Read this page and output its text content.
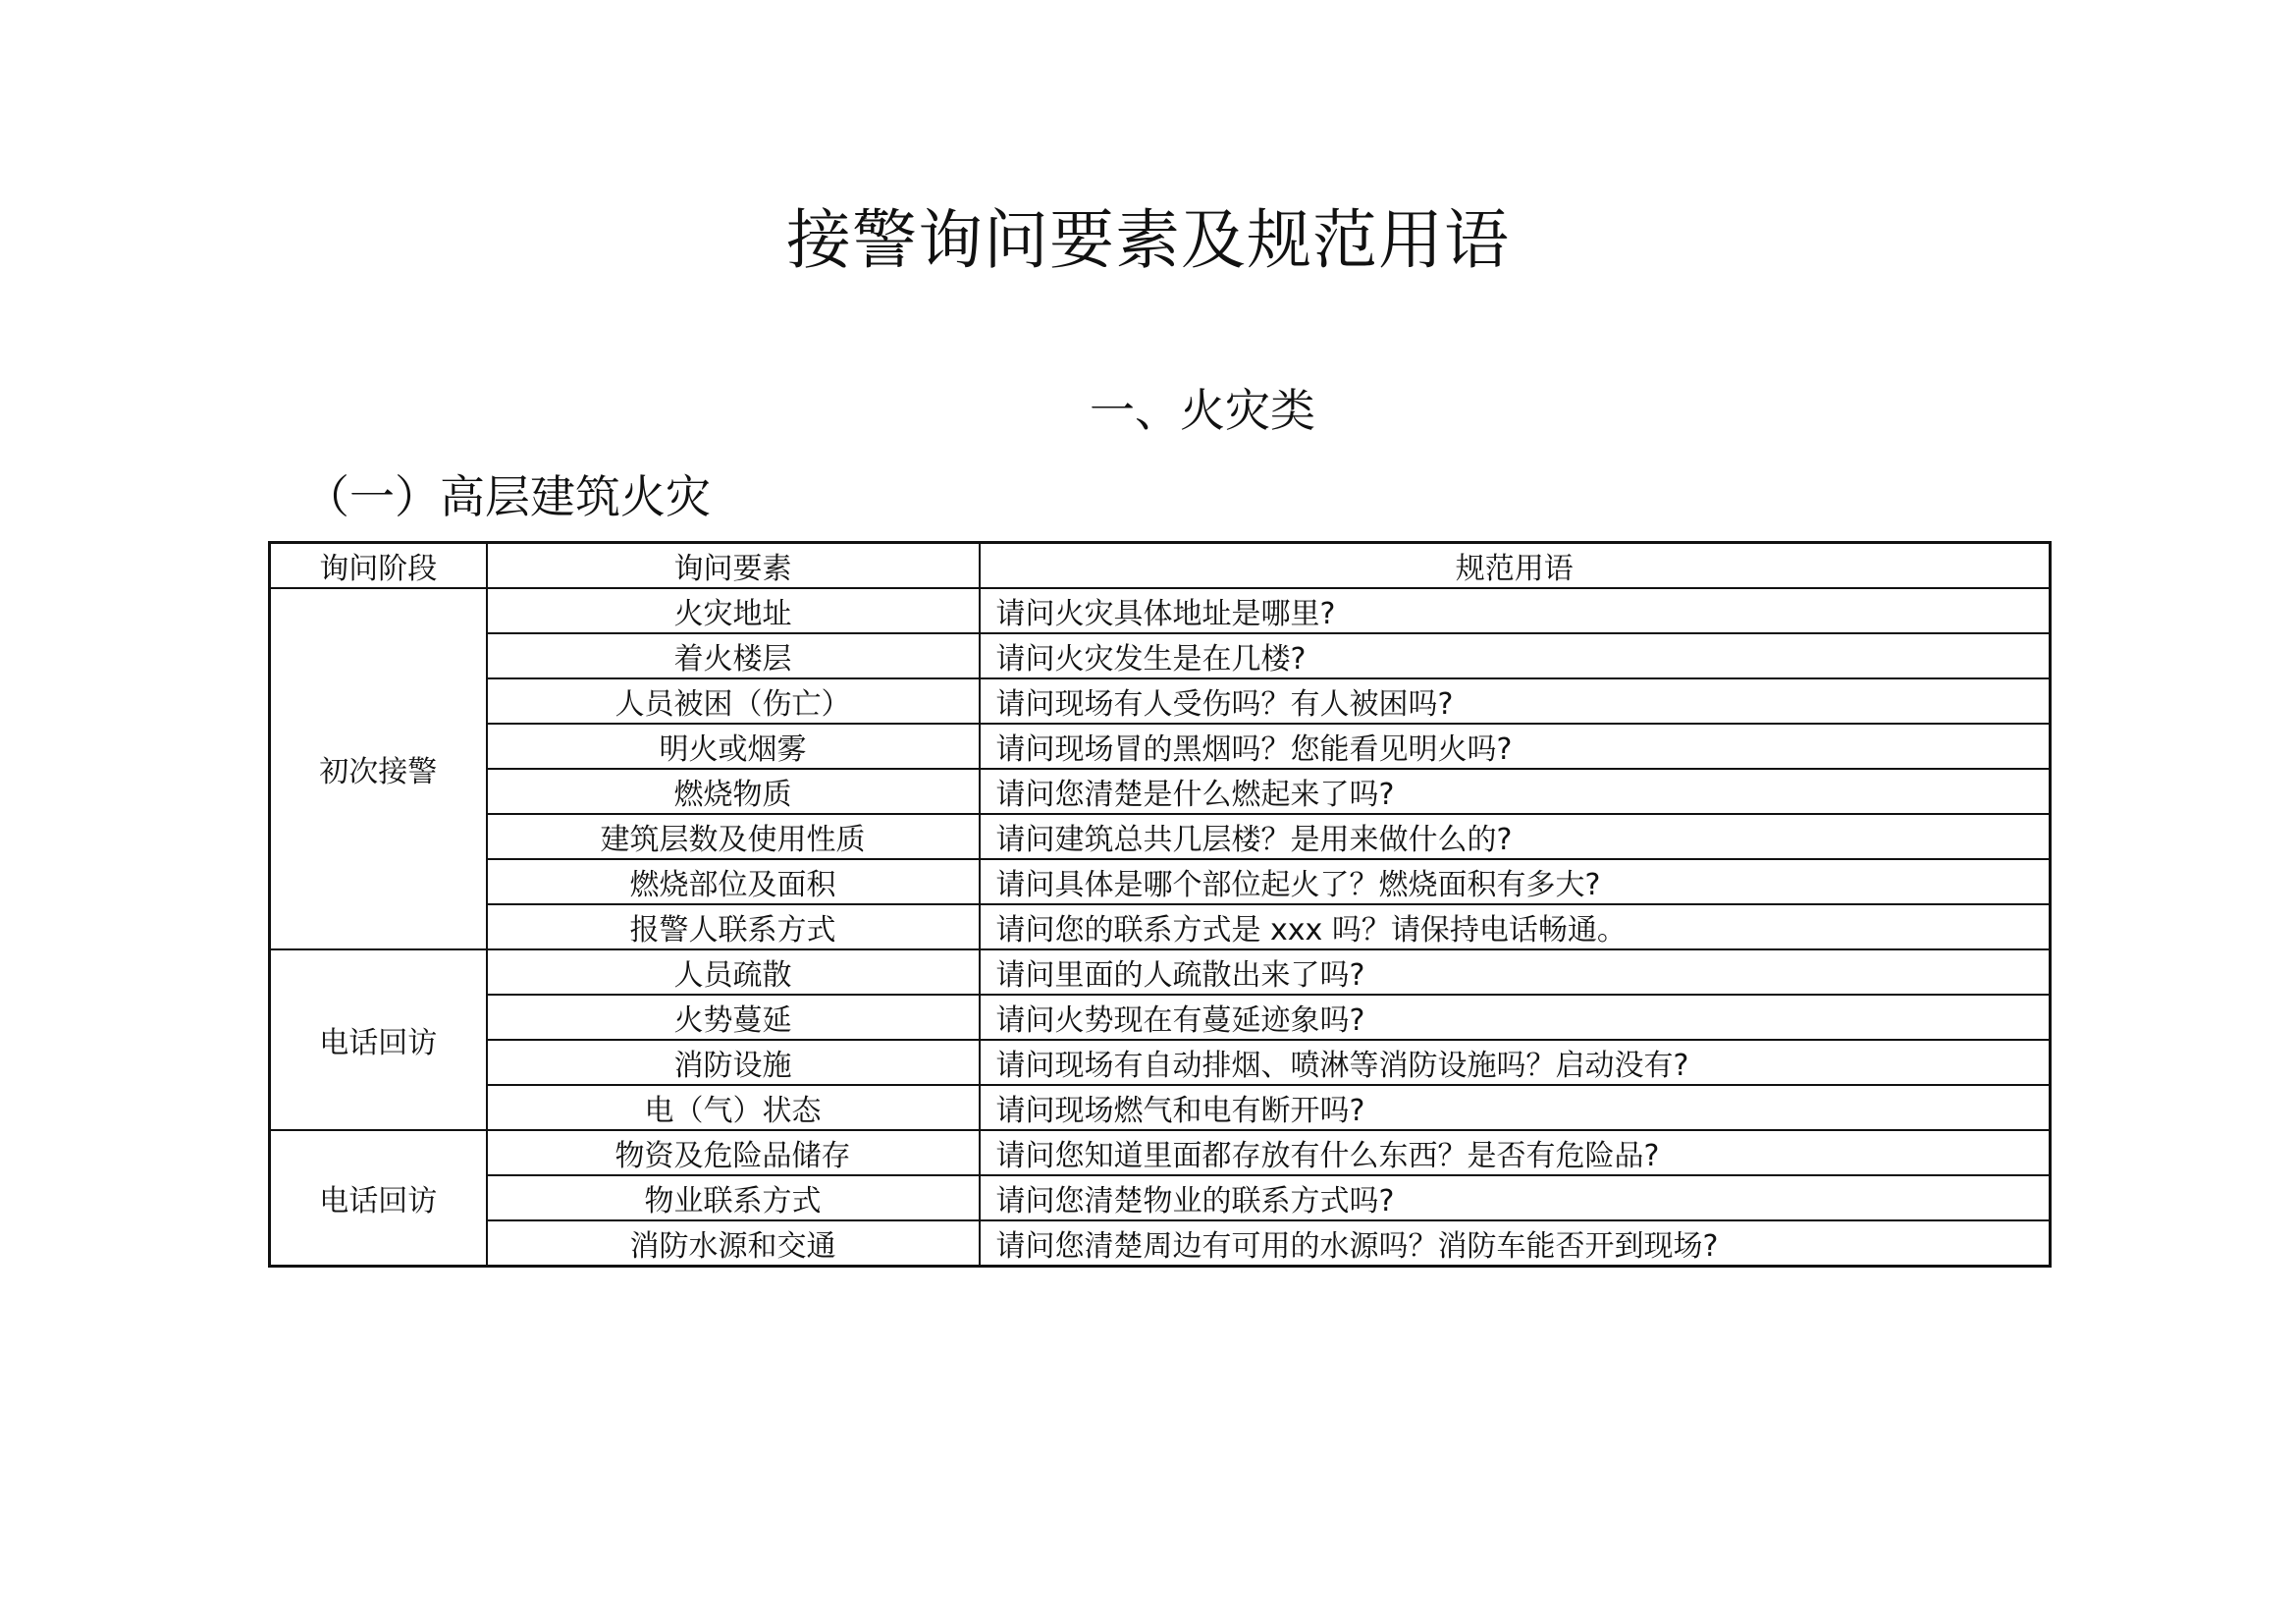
接警询问要素及规范用语
一、火灾类
（一）高层建筑火灾
询问阶段	询问要素	规范用语
初次接警	火灾地址	请问火灾具体地址是哪里?
	着火楼层	请问火灾发生是在几楼?
	人员被困（伤亡）	请问现场有人受伤吗？有人被困吗?
	明火或烟雾	请问现场冒的黑烟吗？您能看见明火吗?
	燃烧物质	请问您清楚是什么燃起来了吗?
	建筑层数及使用性质	请问建筑总共几层楼？是用来做什么的?
	燃烧部位及面积	请问具体是哪个部位起火了？燃烧面积有多大?
	报警人联系方式	请问您的联系方式是 xxx 吗？请保持电话畅通。
电话回访	人员疏散	请问里面的人疏散出来了吗?
	火势蔓延	请问火势现在有蔓延迹象吗?
	消防设施	请问现场有自动排烟、喷淋等消防设施吗？启动没有?
	电（气）状态	请问现场燃气和电有断开吗?
电话回访	物资及危险品储存	请问您知道里面都存放有什么东西？是否有危险品?
	物业联系方式	请问您清楚物业的联系方式吗?
	消防水源和交通	请问您清楚周边有可用的水源吗？消防车能否开到现场?
